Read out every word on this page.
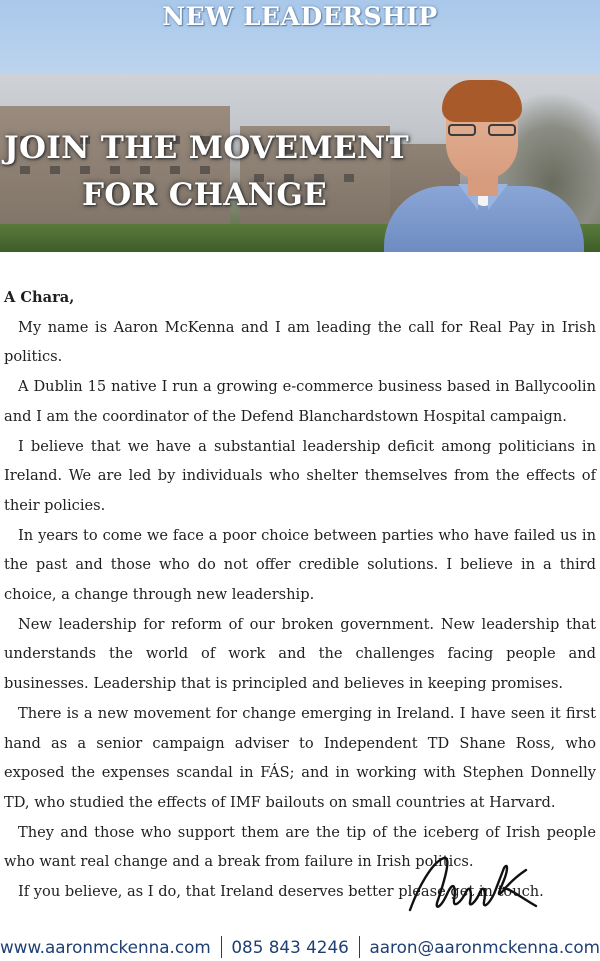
NEW LEADERSHIP
JOIN THE MOVEMENT
FOR CHANGE

A Chara,

My name is Aaron McKenna and I am leading the call for Real Pay in Irish politics.

A Dublin 15 native I run a growing e-commerce business based in Ballycoolin and I am the coordinator of the Defend Blanchardstown Hospital campaign.

I believe that we have a substantial leadership deficit among politicians in Ireland. We are led by individuals who shelter themselves from the effects of their policies.

In years to come we face a poor choice between parties who have failed us in the past and those who do not offer credible solutions. I believe in a third choice, a change through new leadership.

New leadership for reform of our broken government. New leadership that understands the world of work and the challenges facing people and businesses. Leadership that is principled and believes in keeping promises.

There is a new movement for change emerging in Ireland. I have seen it first hand as a senior campaign adviser to Independent TD Shane Ross, who exposed the expenses scandal in FÁS; and in working with Stephen Donnelly TD, who studied the effects of IMF bailouts on small countries at Harvard.

They and those who support them are the tip of the iceberg of Irish people who want real change and a break from failure in Irish politics.

If you believe, as I do, that Ireland deserves better please get in touch.

www.aaronmckenna.com 085 843 4246 aaron@aaronmckenna.com
